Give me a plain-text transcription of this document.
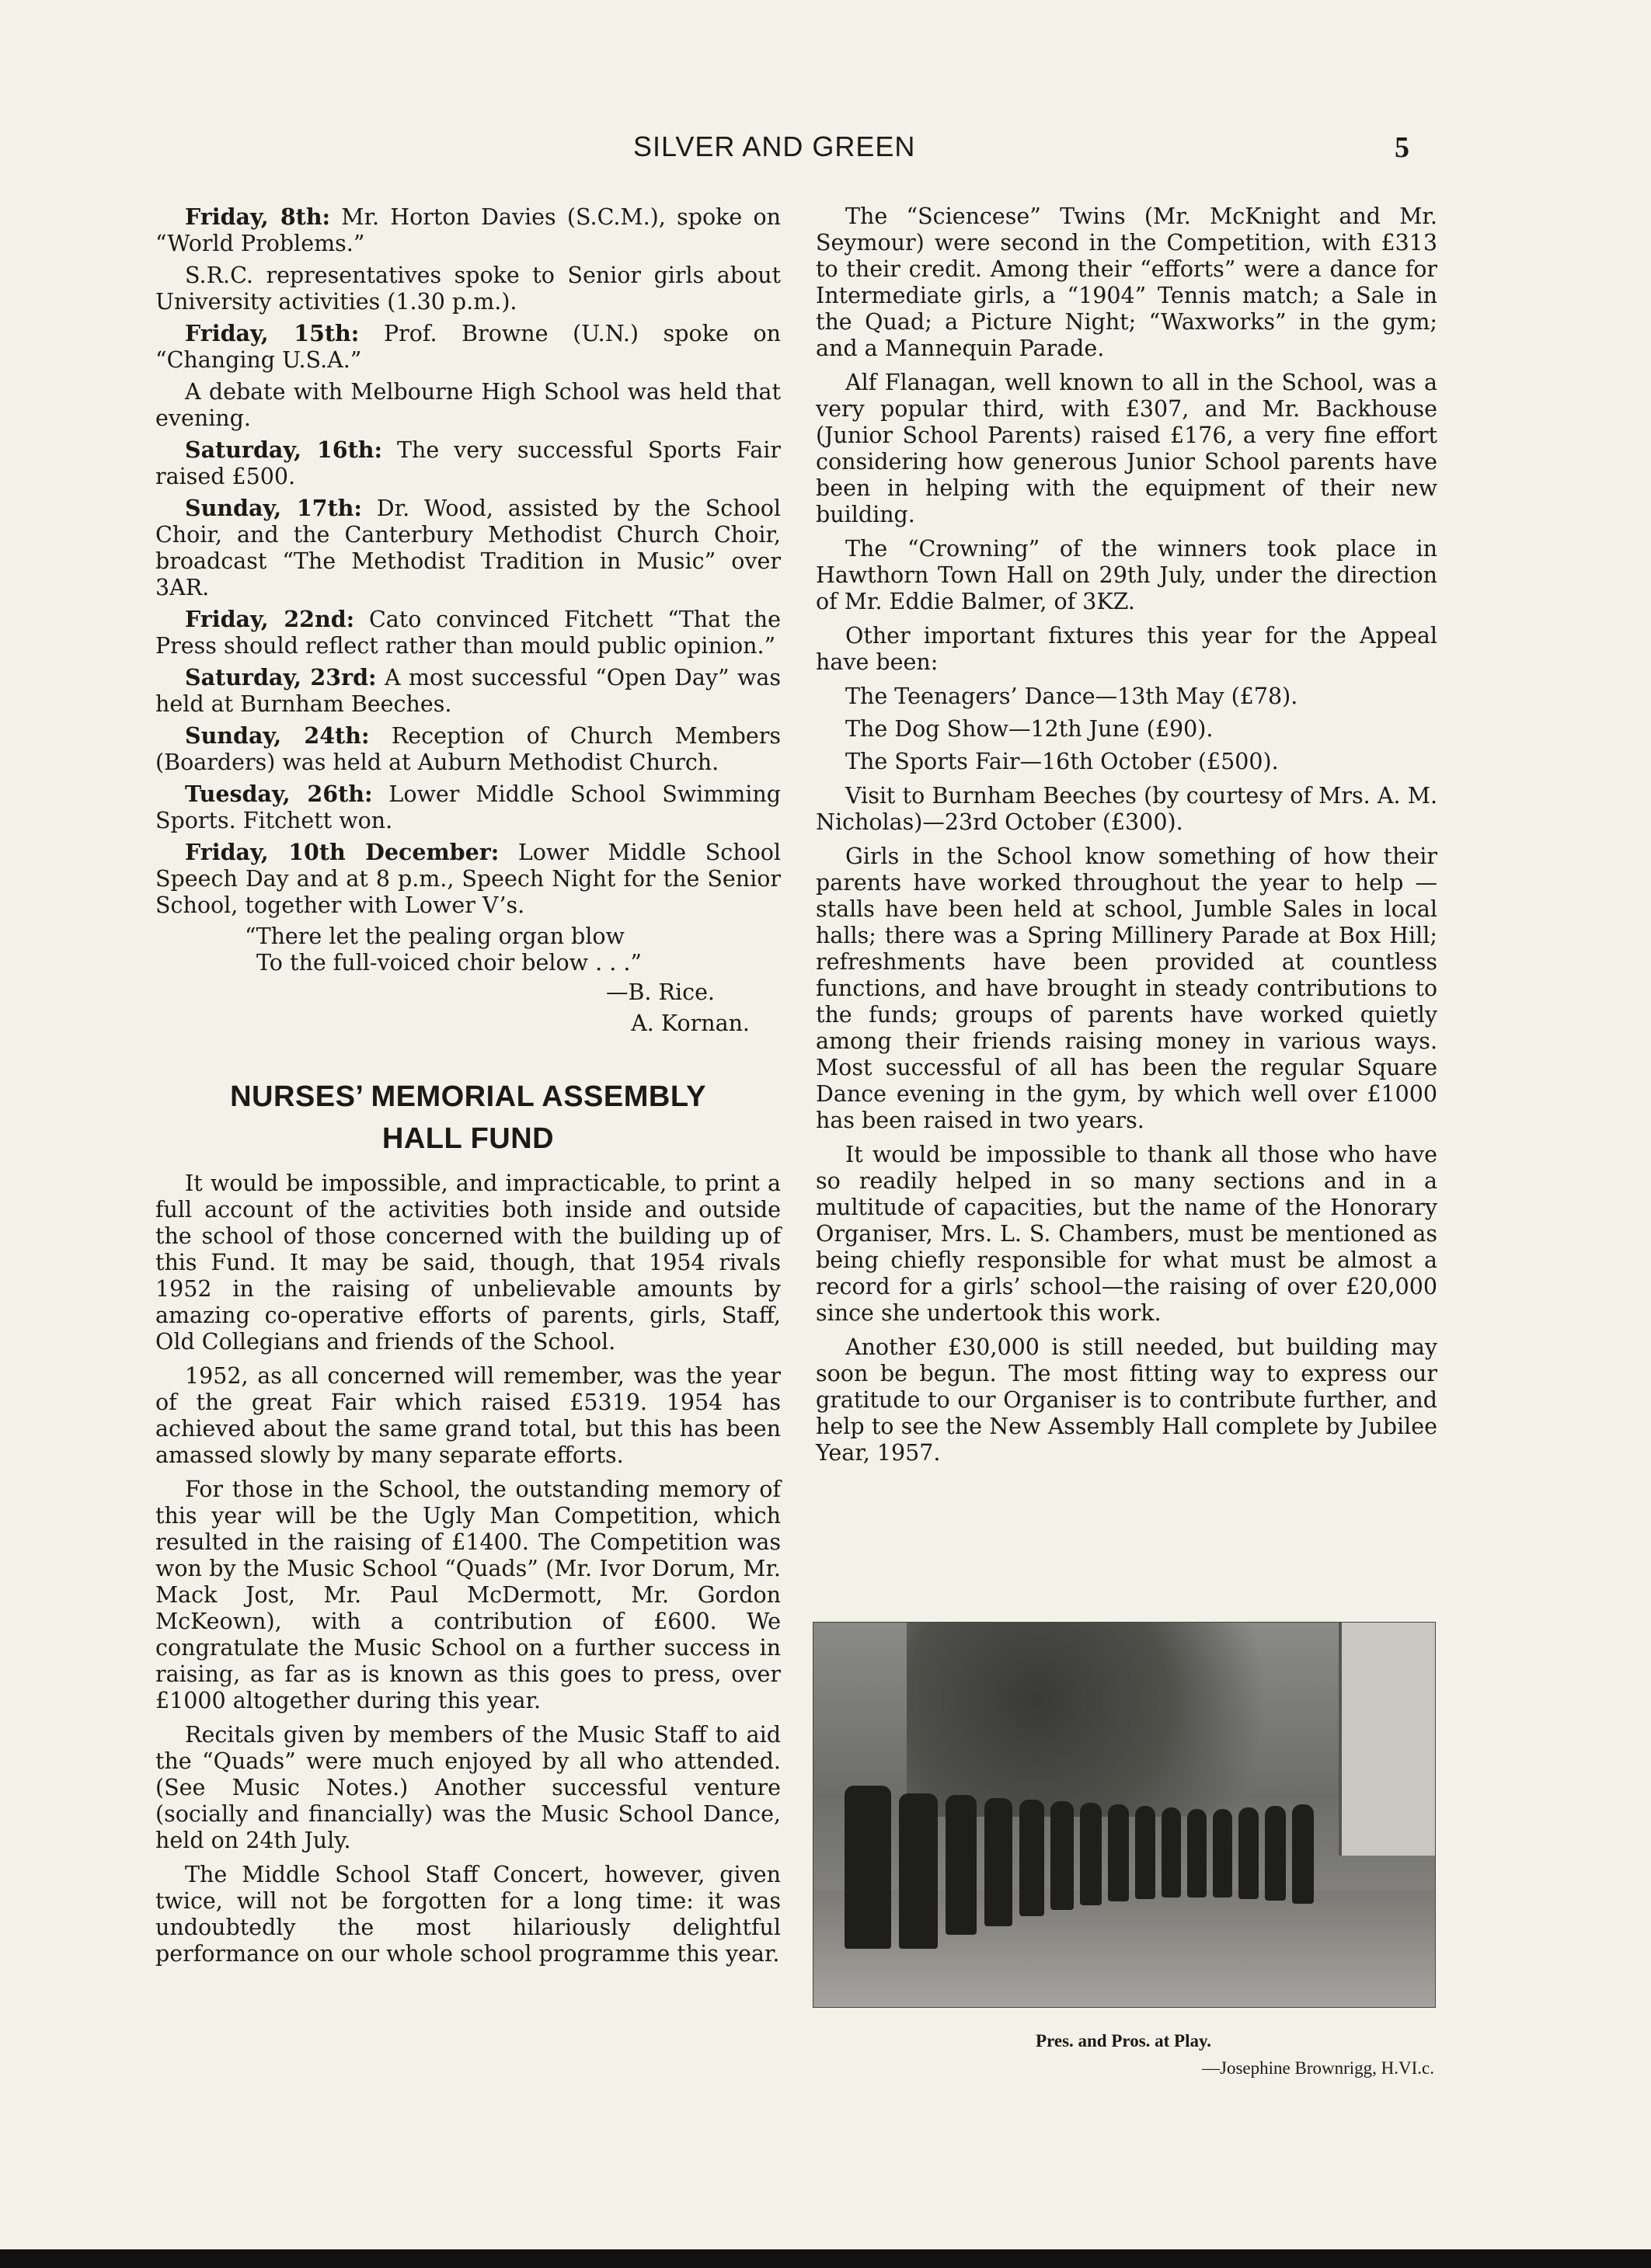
SILVER AND GREEN	5

Friday, 8th: Mr. Horton Davies (S.C.M.), spoke on “World Problems.”

S.R.C. representatives spoke to Senior girls about University activities (1.30 p.m.).

Friday, 15th: Prof. Browne (U.N.) spoke on “Changing U.S.A.”

A debate with Melbourne High School was held that evening.

Saturday, 16th: The very successful Sports Fair raised £500.

Sunday, 17th: Dr. Wood, assisted by the School Choir, and the Canterbury Methodist Church Choir, broadcast “The Methodist Tradition in Music” over 3AR.

Friday, 22nd: Cato convinced Fitchett “That the Press should reflect rather than mould public opinion.”

Saturday, 23rd: A most successful “Open Day” was held at Burnham Beeches.

Sunday, 24th: Reception of Church Members (Boarders) was held at Auburn Methodist Church.

Tuesday, 26th: Lower Middle School Swimming Sports. Fitchett won.

Friday, 10th December: Lower Middle School Speech Day and at 8 p.m., Speech Night for the Senior School, together with Lower V’s.

“There let the pealing organ blow

To the full-voiced choir below . . .”

—B. Rice.

A. Kornan.

NURSES’ MEMORIAL ASSEMBLY
HALL FUND

It would be impossible, and impracticable, to print a full account of the activities both inside and outside the school of those concerned with the building up of this Fund. It may be said, though, that 1954 rivals 1952 in the raising of unbelievable amounts by amazing co-operative efforts of parents, girls, Staff, Old Collegians and friends of the School.

1952, as all concerned will remember, was the year of the great Fair which raised £5319. 1954 has achieved about the same grand total, but this has been amassed slowly by many separate efforts.

For those in the School, the outstanding memory of this year will be the Ugly Man Competition, which resulted in the raising of £1400. The Competition was won by the Music School “Quads” (Mr. Ivor Dorum, Mr. Mack Jost, Mr. Paul McDermott, Mr. Gordon McKeown), with a contribution of £600. We congratulate the Music School on a further success in raising, as far as is known as this goes to press, over £1000 altogether during this year.

Recitals given by members of the Music Staff to aid the “Quads” were much enjoyed by all who attended. (See Music Notes.) Another successful venture (socially and financially) was the Music School Dance, held on 24th July.

The Middle School Staff Concert, however, given twice, will not be forgotten for a long time: it was undoubtedly the most hilariously delightful performance on our whole school programme this year.

The “Sciencese” Twins (Mr. McKnight and Mr. Seymour) were second in the Competition, with £313 to their credit. Among their “efforts” were a dance for Intermediate girls, a “1904” Tennis match; a Sale in the Quad; a Picture Night; “Waxworks” in the gym; and a Mannequin Parade.

Alf Flanagan, well known to all in the School, was a very popular third, with £307, and Mr. Backhouse (Junior School Parents) raised £176, a very fine effort considering how generous Junior School parents have been in helping with the equipment of their new building.

The “Crowning” of the winners took place in Hawthorn Town Hall on 29th July, under the direction of Mr. Eddie Balmer, of 3KZ.

Other important fixtures this year for the Appeal have been:

The Teenagers’ Dance—13th May (£78).

The Dog Show—12th June (£90).

The Sports Fair—16th October (£500).

Visit to Burnham Beeches (by courtesy of Mrs. A. M. Nicholas)—23rd October (£300).

Girls in the School know something of how their parents have worked throughout the year to help —stalls have been held at school, Jumble Sales in local halls; there was a Spring Millinery Parade at Box Hill; refreshments have been provided at countless functions, and have brought in steady contributions to the funds; groups of parents have worked quietly among their friends raising money in various ways. Most successful of all has been the regular Square Dance evening in the gym, by which well over £1000 has been raised in two years.

It would be impossible to thank all those who have so readily helped in so many sections and in a multitude of capacities, but the name of the Honorary Organiser, Mrs. L. S. Chambers, must be mentioned as being chiefly responsible for what must be almost a record for a girls’ school—the raising of over £20,000 since she undertook this work.

Another £30,000 is still needed, but building may soon be begun. The most fitting way to express our gratitude to our Organiser is to contribute further, and help to see the New Assembly Hall complete by Jubilee Year, 1957.

Pres. and Pros. at Play.
—Josephine Brownrigg, H.VI.c.
